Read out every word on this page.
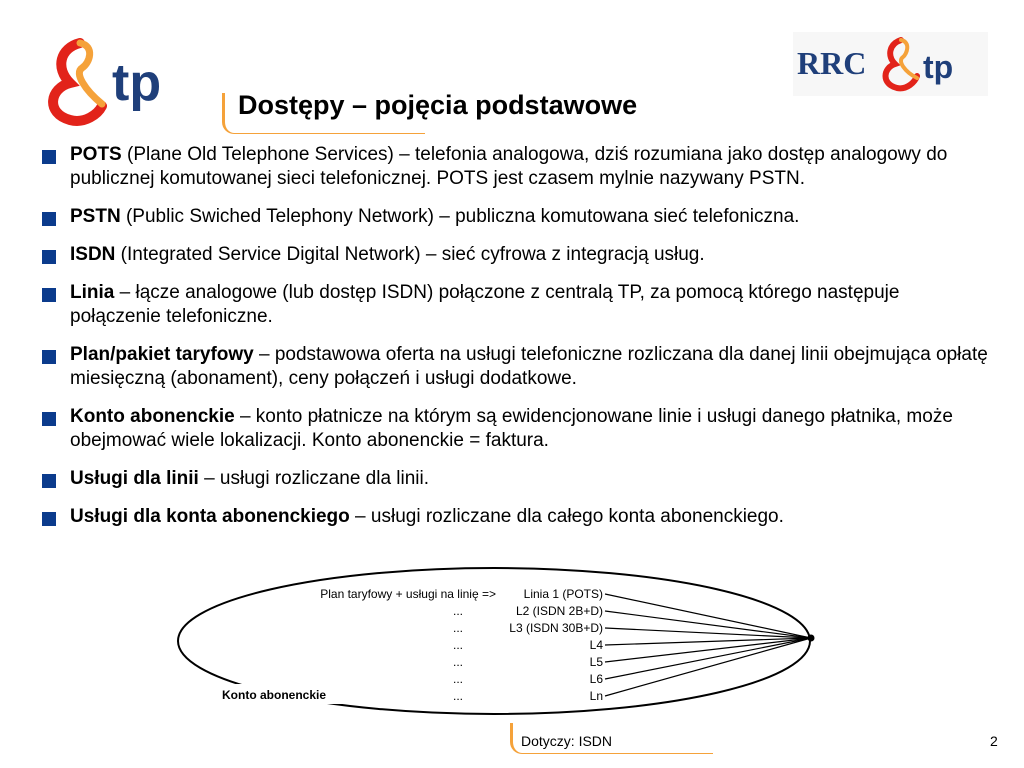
tp	RRC tp
Dostępy – pojęcia podstawowe
POTS (Plane Old Telephone Services) – telefonia analogowa, dziś rozumiana jako dostęp analogowy do publicznej komutowanej sieci telefonicznej. POTS jest czasem mylnie nazywany PSTN.
PSTN (Public Swiched Telephony Network) – publiczna komutowana sieć telefoniczna.
ISDN (Integrated Service Digital Network) – sieć cyfrowa z integracją usług.
Linia – łącze analogowe (lub dostęp ISDN) połączone z centralą TP, za pomocą którego następuje połączenie telefoniczne.
Plan/pakiet taryfowy – podstawowa oferta na usługi telefoniczne rozliczana dla danej linii obejmująca opłatę miesięczną (abonament), ceny połączeń i usługi dodatkowe.
Konto abonenckie – konto płatnicze na którym są ewidencjonowane linie i usługi danego płatnika, może obejmować wiele lokalizacji. Konto abonenckie = faktura.
Usługi dla linii – usługi rozliczane dla linii.
Usługi dla konta abonenckiego – usługi rozliczane dla całego konta abonenckiego.
Plan taryfowy + usługi na linię =>
...
...
...
...
...
...
Linia 1 (POTS)
L2 (ISDN 2B+D)
L3 (ISDN 30B+D)
L4
L5
L6
Ln
Konto abonenckie
Dotyczy: ISDN	2
